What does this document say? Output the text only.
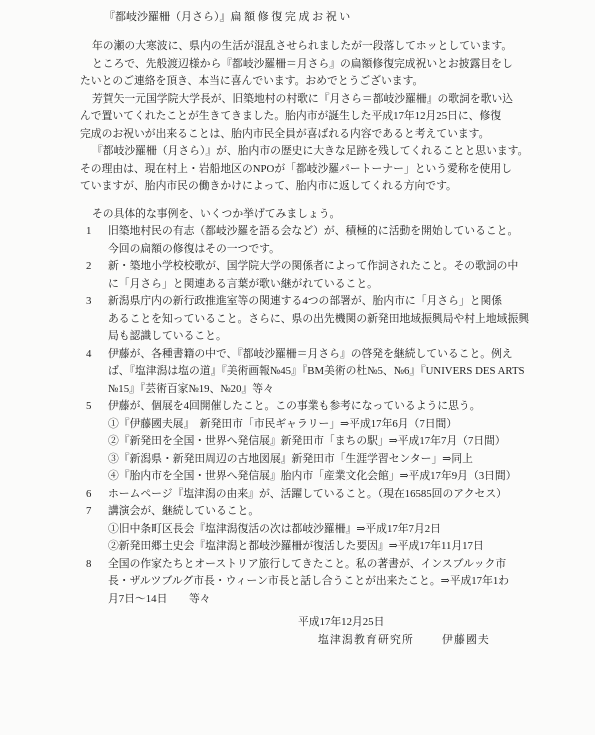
『都岐沙羅柵（月さら）』扁額修復完成お祝い
年の瀬の大寒波に、県内の生活が混乱させられましたが一段落してホッとしています。
ところで、先般渡辺様から『都岐沙羅柵＝月さら』の扁額修復完成祝いとお披露目をし
たいとのご連絡を頂き、本当に喜んでいます。おめでとうございます。
芳賀矢一元国学院大学長が、旧築地村の村歌に『月さら＝都岐沙羅柵』の歌詞を歌い込
んで置いてくれたことが生きてきました。胎内市が誕生した平成17年12月25日に、修復
完成のお祝いが出来ることは、胎内市民全員が喜ばれる内容であると考えています。
『都岐沙羅柵（月さら）』が、胎内市の歴史に大きな足跡を残してくれることと思います。
その理由は、現在村上・岩船地区のNPOが「都岐沙羅パートーナー」という愛称を使用し
ていますが、胎内市民の働きかけによって、胎内市に返してくれる方向です。
その具体的な事例を、いくつか挙げてみましょう。
1 旧築地村民の有志（都岐沙羅を語る会など）が、積極的に活動を開始していること。
今回の扁額の修復はその一つです。
2 新・築地小学校校歌が、国学院大学の関係者によって作詞されたこと。その歌詞の中
に「月さら」と関連ある言葉が歌い継がれていること。
3 新潟県庁内の新行政推進室等の関連する4つの部署が、胎内市に「月さら」と関係
あることを知っていること。さらに、県の出先機関の新発田地域振興局や村上地域振興
局も認識していること。
4 伊藤が、各種書籍の中で、『都岐沙羅柵＝月さら』の啓発を継続していること。例え
ば、『塩津潟は塩の道』『美術画報№45』『BM美術の杜№5、№6』『UNIVERS DES ARTS
№15』『芸術百家№19、№20』等々
5 伊藤が、個展を4回開催したこと。この事業も参考になっているように思う。
①『伊藤國夫展』　新発田市「市民ギャラリー」⇒平成17年6月（7日間）
②『新発田を全国・世界へ発信展』新発田市「まちの駅」⇒平成17年7月（7日間）
③『新潟県・新発田周辺の古地図展』新発田市「生涯学習センター」⇒同上
④『胎内市を全国・世界へ発信展』胎内市「産業文化会館」⇒平成17年9月（3日間）
6 ホームページ『塩津潟の由来』が、活躍していること。（現在16585回のアクセス）
7 講演会が、継続していること。
①旧中条町区長会『塩津潟復活の次は都岐沙羅柵』⇒平成17年7月2日
②新発田郷土史会『塩津潟と都岐沙羅柵が復活した要因』⇒平成17年11月17日
8 全国の作家たちとオーストリア旅行してきたこと。私の著書が、インスブルック市
長・ザルツブルグ市長・ウィーン市長と話し合うことが出来たこと。⇒平成17年1わ
月7日～14日　　等々
平成17年12月25日
塩津潟教育研究所	伊藤國夫
